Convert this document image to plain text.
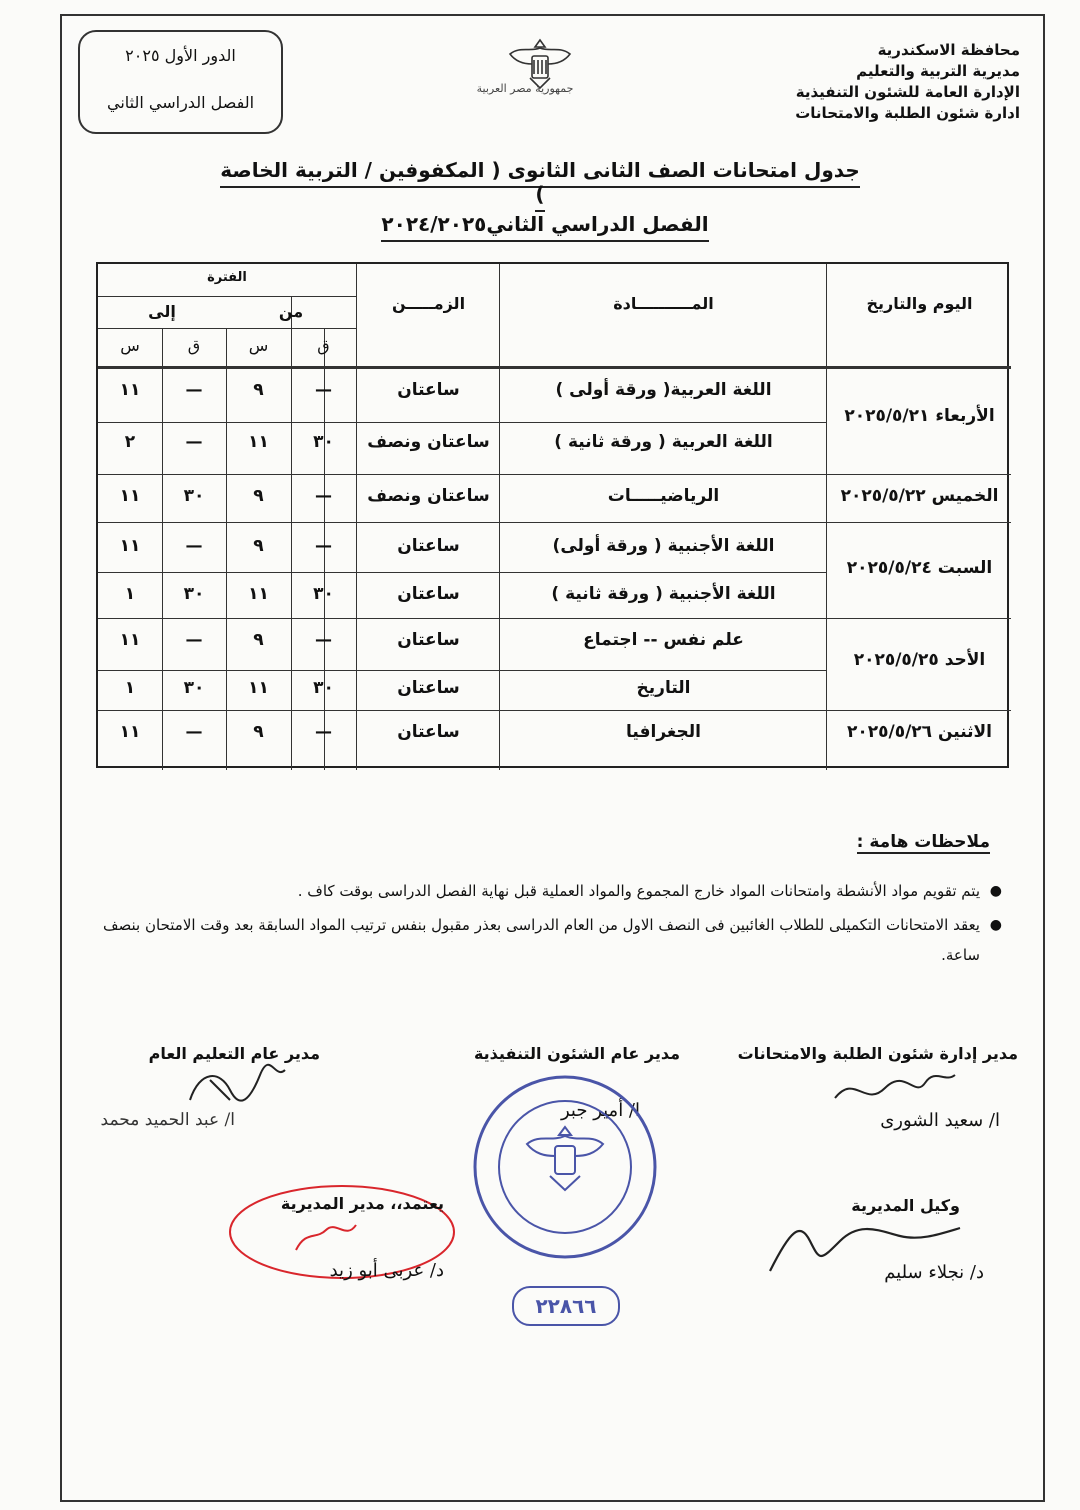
محافظة الاسكندرية
مديرية التربية والتعليم
الإدارة العامة للشئون التنفيذية
ادارة شئون الطلبة والامتحانات
جمهورية مصر العربية
الدور الأول ٢٠٢٥
الفصل الدراسي الثاني
جدول امتحانات الصف الثانى الثانوى ( المكفوفين / التربية الخاصة )
الفصل الدراسي الثاني٢٠٢٤/٢٠٢٥
اليوم والتاريخ
المــــــــــادة
الزمـــــن
الفترة
من
إلى
ق
س
ق
س
الأربعاء ٢٠٢٥/٥/٢١
الخميس ٢٠٢٥/٥/٢٢
السبت ٢٠٢٥/٥/٢٤
الأحد ٢٠٢٥/٥/٢٥
الاثنين ٢٠٢٥/٥/٢٦
اللغة العربية( ورقة أولى )
ساعتان
—
٩
—
١١
اللغة العربية ( ورقة ثانية )
ساعتان ونصف
٣٠
١١
—
٢
الرياضيـــــات
ساعتان ونصف
—
٩
٣٠
١١
اللغة الأجنبية ( ورقة أولى)
ساعتان
—
٩
—
١١
اللغة الأجنبية ( ورقة ثانية )
ساعتان
٣٠
١١
٣٠
١
علم نفس -- اجتماع
ساعتان
—
٩
—
١١
التاريخ
ساعتان
٣٠
١١
٣٠
١
الجغرافيا
ساعتان
—
٩
—
١١
ملاحظات هامة :
●
يتم تقويم مواد الأنشطة وامتحانات المواد خارج المجموع والمواد العملية قبل نهاية الفصل الدراسى بوقت كاف .
●
يعقد الامتحانات التكميلى للطلاب الغائبين فى النصف الاول من العام الدراسى بعذر مقبول بنفس ترتيب المواد السابقة بعد وقت الامتحان بنصف ساعة.
مدير إدارة شئون الطلبة والامتحانات
ا/ سعيد الشورى
مدير عام الشئون التنفيذية
ا/ أمير جبر
مدير عام التعليم العام
ا/ عبد الحميد محمد
وكيل المديرية
د/ نجلاء سليم
يعتمد،، مدير المديرية
د/ عربى أبو زيد
٢٢٨٦٦
